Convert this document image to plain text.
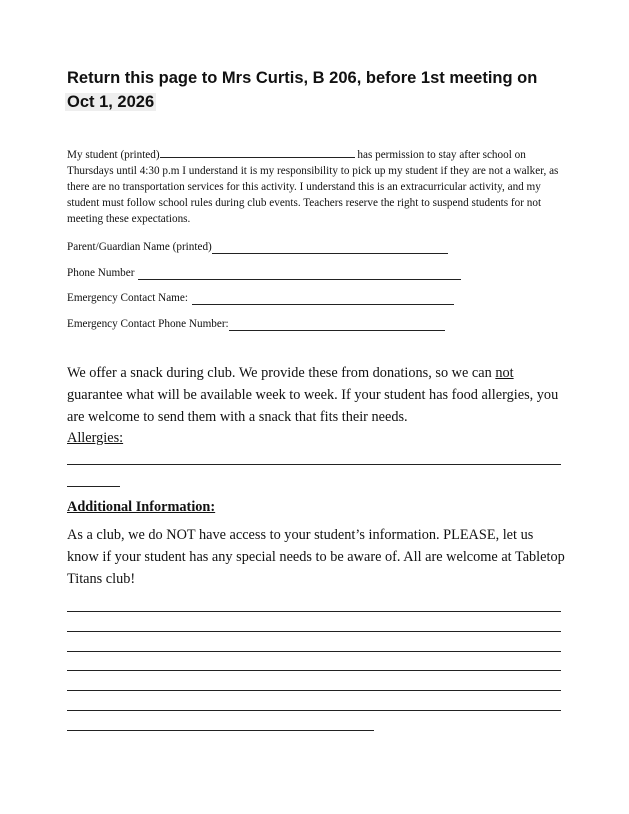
Return this page to Mrs Curtis, B 206, before 1st meeting on
Oct 1, 2026

My student (printed)	has permission to stay after school on Thursdays until 4:30 p.m I understand it is my responsibility to pick up my student if they are not a walker, as there are no transportation services for this activity. I understand this is an extracurricular activity, and my student must follow school rules during club events. Teachers reserve the right to suspend students for not meeting these expectations.

Parent/Guardian Name (printed)
Phone Number
Emergency Contact Name:
Emergency Contact Phone Number:

We offer a snack during club. We provide these from donations, so we can not guarantee what will be available week to week. If your student has food allergies, you are welcome to send them with a snack that fits their needs.

Allergies:
Additional Information:

As a club, we do NOT have access to your student’s information. PLEASE, let us know if your student has any special needs to be aware of. All are welcome at Tabletop Titans club!
